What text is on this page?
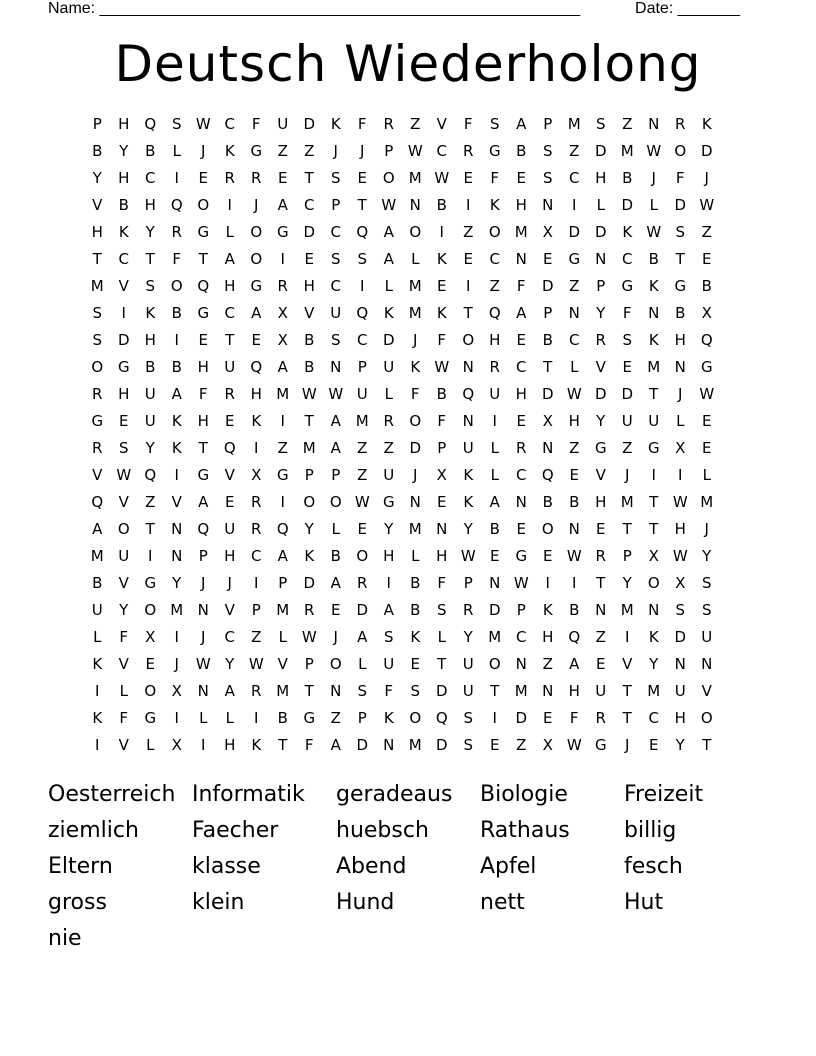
Name: ______________________________________________________	Date: _______
Deutsch Wiederholong
P	H Q	S W C	F	U	D	K	F	R	Z	V	F	S	A	P	M	S	Z	N	R	K
B	Y	B	L	J	K	G	Z	Z	J	J	P W C	R	G	B	S	Z	D M W O D
Y	H	C	I	E	R	R	E	T	S	E	O M W E	F	E	S	C	H	B	J	F	J
V	B	H Q O	I	J	A	C	P	T W N	B	I	K	H	N	I	L	D	L	D W
H	K	Y	R	G	L	O G D	C	Q	A	O	I	Z	O M X	D D	K W S	Z
T	C	T	F	T	A	O	I	E	S	S	A	L	K	E	C	N	E	G	N	C	B	T	E
M V	S	O Q H	G	R	H	C	I	L	M	E	I	Z	F	D	Z	P	G	K	G	B
S	I	K	B	G	C	A	X	V	U	Q	K	M	K	T	Q	A	P	N	Y	F	N	B	X
S	D	H	I	E	T	E	X	B	S	C	D	J	F	O H	E	B	C	R	S	K	H Q
O G	B	B	H	U	Q	A	B	N	P	U	K W N	R	C	T	L	V	E	M N	G
R	H	U	A	F	R	H M W W U	L	F	B	Q	U	H	D W D D	T	J	W
G	E	U	K	H	E	K	I	T	A M R	O	F	N	I	E	X	H	Y	U	U	L	E
R	S	Y	K	T	Q	I	Z M A	Z	Z	D	P	U	L	R	N	Z	G	Z	G	X	E
V W Q	I	G	V	X	G	P	P	Z	U	J	X	K	L	C	Q	E	V	J	I	I	L
Q	V	Z	V	A	E	R	I	O O W G	N	E	K	A	N	B	B	H M	T W M
A	O	T	N Q	U	R	Q	Y	L	E	Y	M N	Y	B	E	O N	E	T	T	H	J
M U	I	N	P	H	C	A	K	B	O H	L	H W E	G	E W R	P	X W Y
B	V	G	Y	J	J	I	P	D	A	R	I	B	F	P	N W	I	I	T	Y	O	X	S
U	Y	O M N	V	P	M R	E	D	A	B	S	R	D	P	K	B	N M N	S	S
L	F	X	I	J	C	Z	L W	J	A	S	K	L	Y	M C	H Q	Z	I	K	D	U
K	V	E	J	W Y W V	P	O	L	U	E	T	U	O N	Z	A	E	V	Y	N	N
I	L	O	X	N	A	R M	T	N	S	F	S	D	U	T	M N	H	U	T	M U	V
K	F	G	I	L	L	I	B	G	Z	P	K	O Q	S	I	D	E	F	R	T	C	H O
I	V	L	X	I	H	K	T	F	A	D	N M D	S	E	Z	X W G	J	E	Y	T
Oesterreich Informatik	geradeaus	Biologie	Freizeit
ziemlich	Faecher	huebsch	Rathaus	billig
Eltern	klasse	Abend	Apfel	fesch
gross	klein	Hund	nett	Hut
nie
